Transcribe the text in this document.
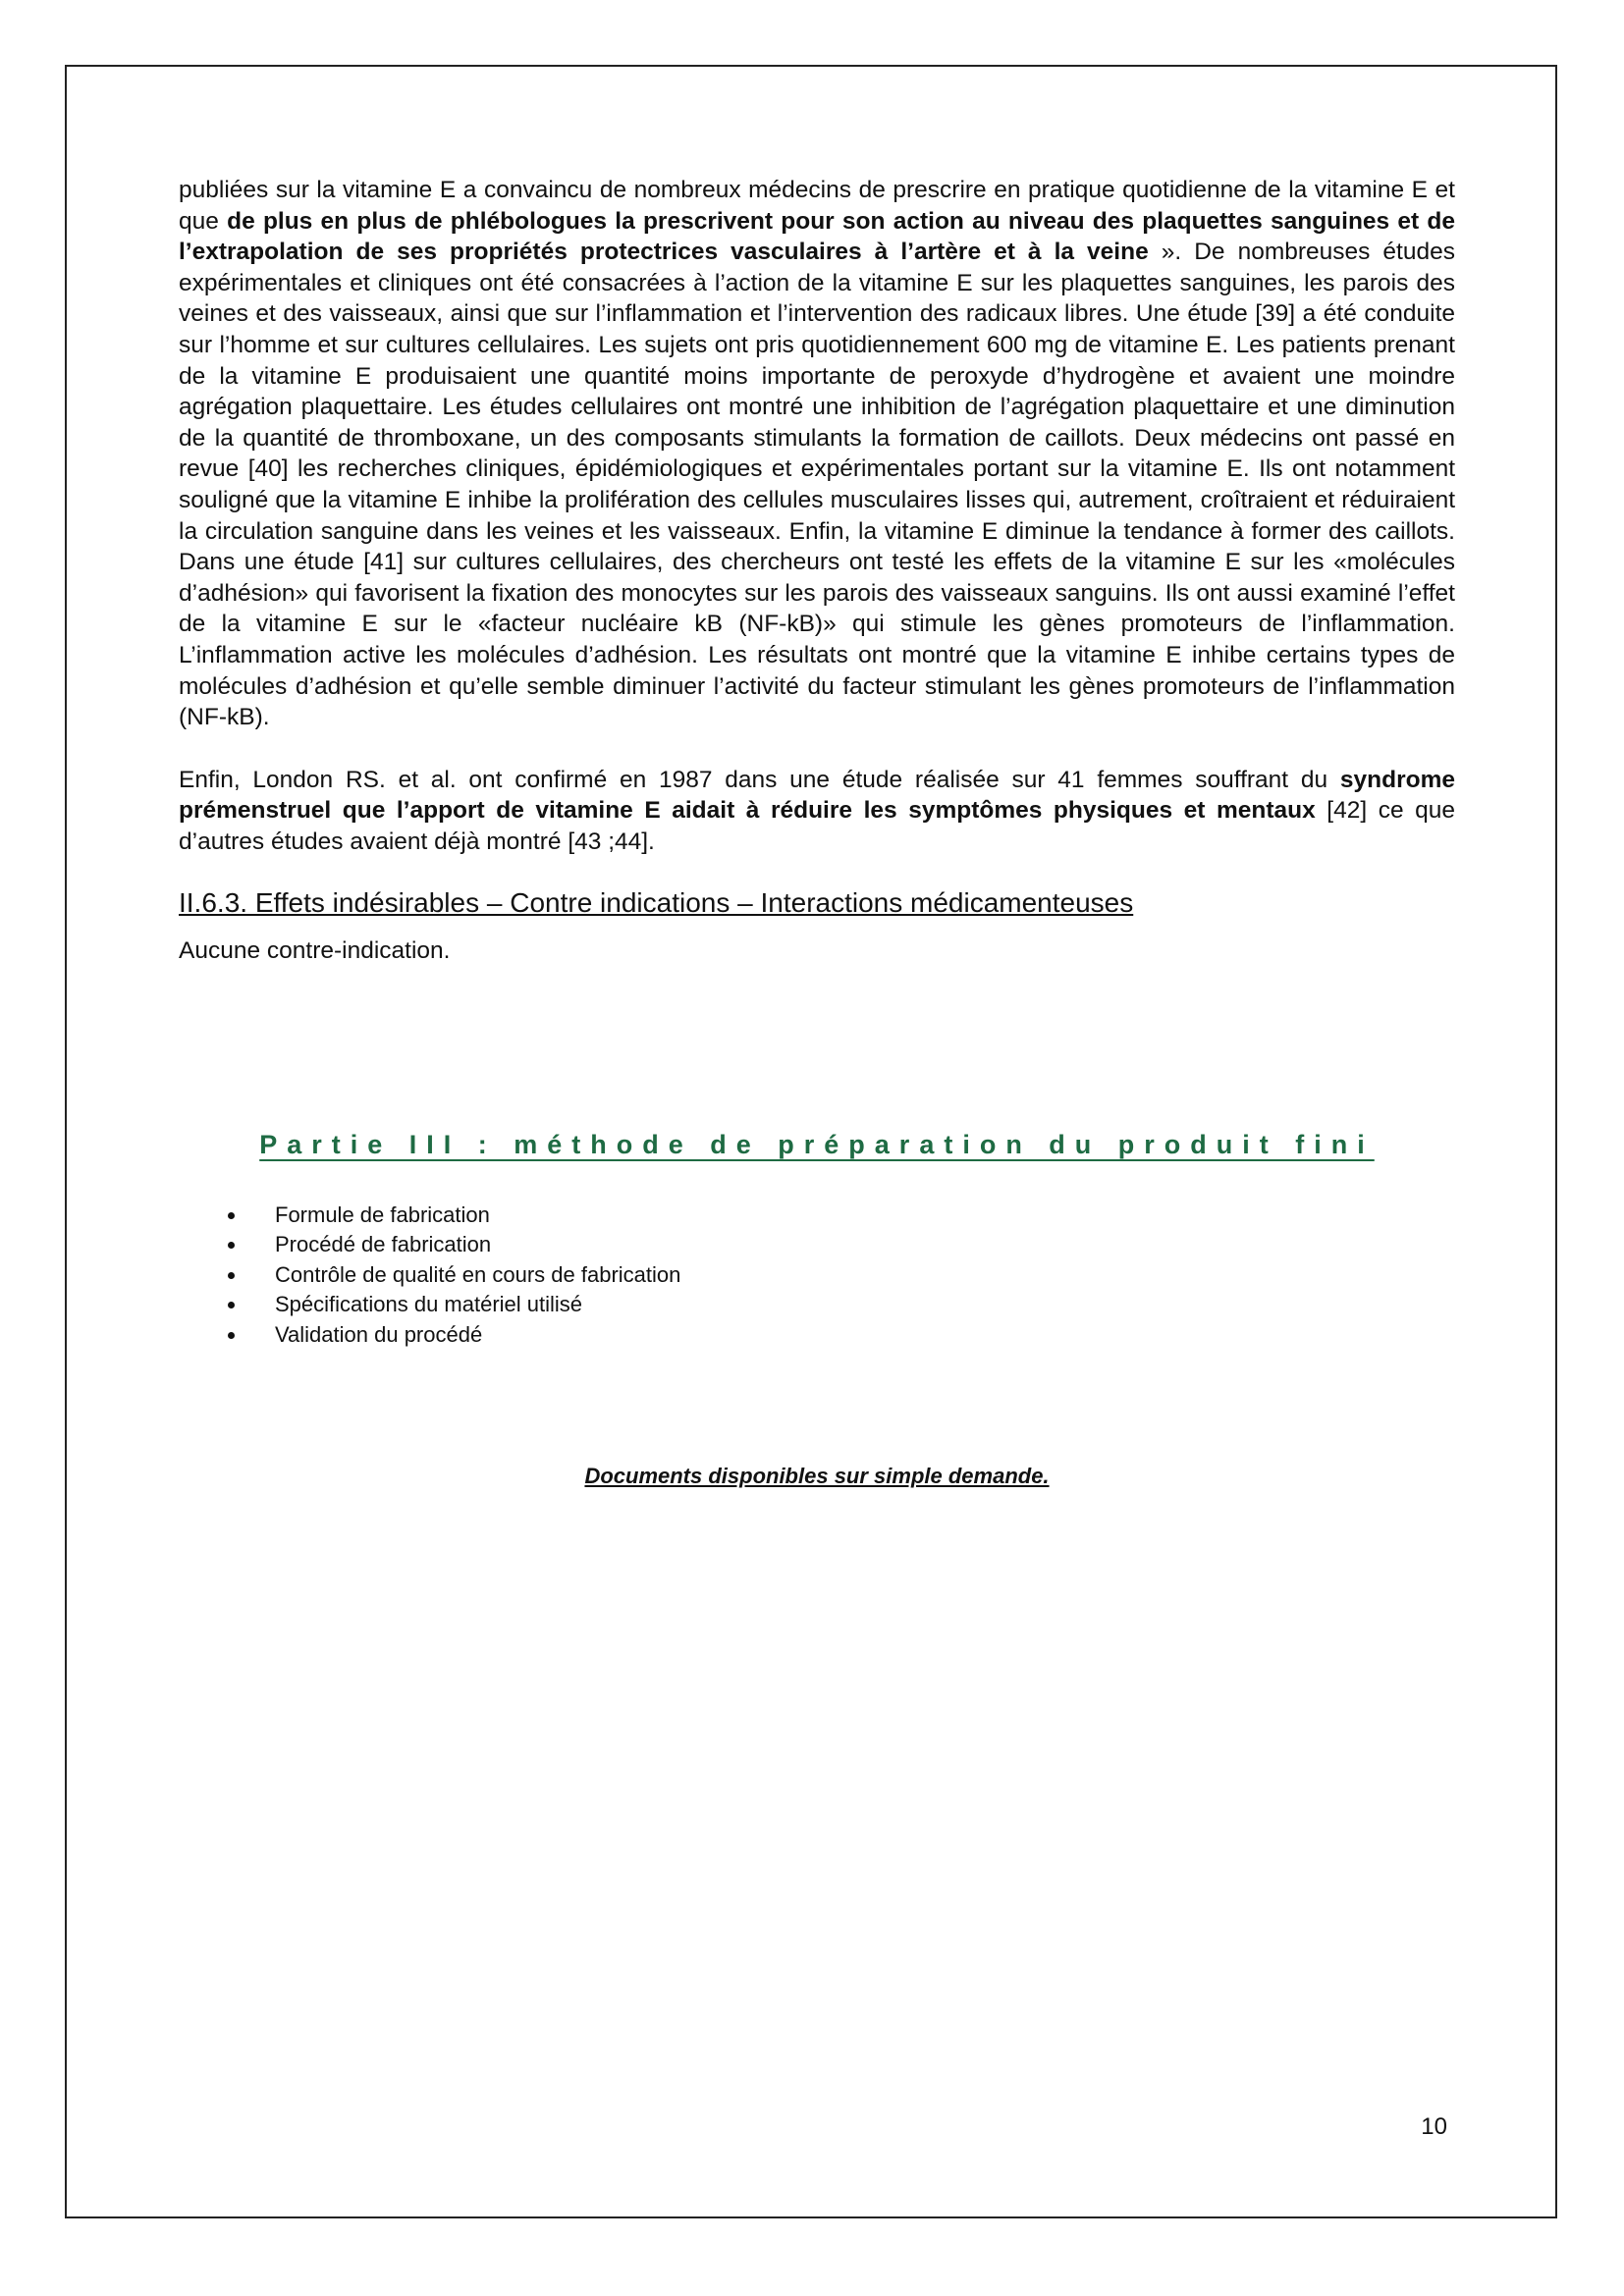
publiées sur la vitamine E a convaincu de nombreux médecins de prescrire en pratique quotidienne de la vitamine E et que de plus en plus de phlébologues la prescrivent pour son action au niveau des plaquettes sanguines et de l’extrapolation de ses propriétés protectrices vasculaires à l’artère et à la veine ». De nombreuses études expérimentales et cliniques ont été consacrées à l’action de la vitamine E sur les plaquettes sanguines, les parois des veines et des vaisseaux, ainsi que sur l’inflammation et l’intervention des radicaux libres. Une étude [39] a été conduite sur l’homme et sur cultures cellulaires. Les sujets ont pris quotidiennement 600 mg de vitamine E. Les patients prenant de la vitamine E produisaient une quantité moins importante de peroxyde d’hydrogène et avaient une moindre agrégation plaquettaire. Les études cellulaires ont montré une inhibition de l’agrégation plaquettaire et une diminution de la quantité de thromboxane, un des composants stimulants la formation de caillots. Deux médecins ont passé en revue [40] les recherches cliniques, épidémiologiques et expérimentales portant sur la vitamine E. Ils ont notamment souligné que la vitamine E inhibe la prolifération des cellules musculaires lisses qui, autrement, croîtraient et réduiraient la circulation sanguine dans les veines et les vaisseaux. Enfin, la vitamine E diminue la tendance à former des caillots. Dans une étude [41] sur cultures cellulaires, des chercheurs ont testé les effets de la vitamine E sur les «molécules d’adhésion» qui favorisent la fixation des monocytes sur les parois des vaisseaux sanguins. Ils ont aussi examiné l’effet de la vitamine E sur le «facteur nucléaire kB (NF-kB)» qui stimule les gènes promoteurs de l’inflammation. L’inflammation active les molécules d’adhésion. Les résultats ont montré que la vitamine E inhibe certains types de molécules d’adhésion et qu’elle semble diminuer l’activité du facteur stimulant les gènes promoteurs de l’inflammation (NF-kB).

Enfin, London RS. et al. ont confirmé en 1987 dans une étude réalisée sur 41 femmes souffrant du syndrome prémenstruel que l’apport de vitamine E aidait à réduire les symptômes physiques et mentaux [42] ce que d’autres études avaient déjà montré [43 ;44].

II.6.3. Effets indésirables – Contre indications – Interactions médicamenteuses

Aucune contre-indication.

Partie III : méthode de préparation du produit fini
Formule de fabrication
Procédé de fabrication
Contrôle de qualité en cours de fabrication
Spécifications du matériel utilisé
Validation du procédé
Documents disponibles sur simple demande.
10
